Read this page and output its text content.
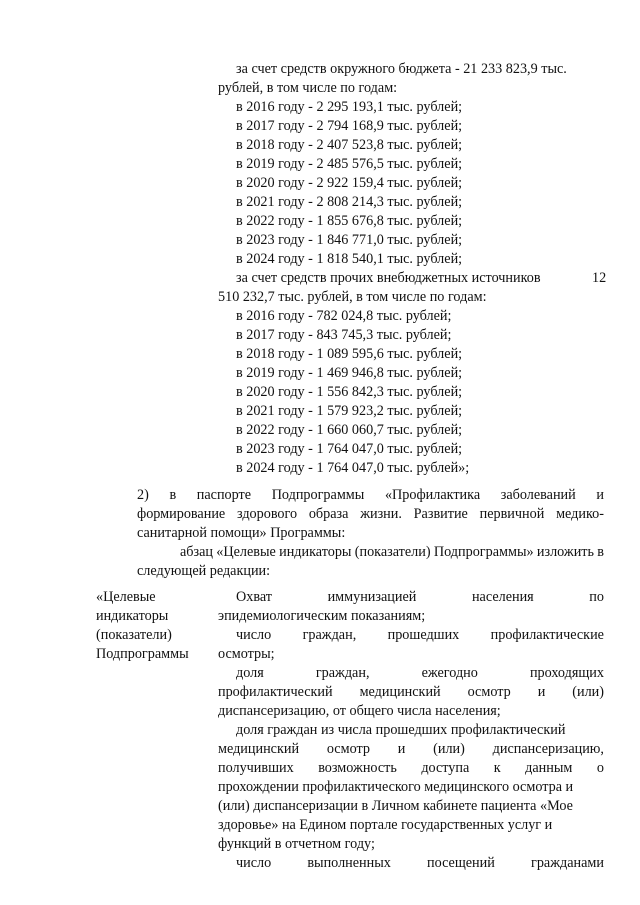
за счет средств окружного бюджета - 21 233 823,9 тыс.
рублей, в том числе по годам:
в 2016 году - 2 295 193,1 тыс. рублей;
в 2017 году - 2 794 168,9 тыс. рублей;
в 2018 году - 2 407 523,8 тыс. рублей;
в 2019 году - 2 485 576,5 тыс. рублей;
в 2020 году - 2 922 159,4 тыс. рублей;
в 2021 году - 2 808 214,3 тыс. рублей;
в 2022 году - 1 855 676,8 тыс. рублей;
в 2023 году - 1 846 771,0 тыс. рублей;
в 2024 году - 1 818 540,1 тыс. рублей;
за счет средств прочих внебюджетных источников	12
510 232,7 тыс. рублей, в том числе по годам:
в 2016 году - 782 024,8 тыс. рублей;
в 2017 году - 843 745,3 тыс. рублей;
в 2018 году - 1 089 595,6 тыс. рублей;
в 2019 году - 1 469 946,8 тыс. рублей;
в 2020 году - 1 556 842,3 тыс. рублей;
в 2021 году - 1 579 923,2 тыс. рублей;
в 2022 году - 1 660 060,7 тыс. рублей;
в 2023 году - 1 764 047,0 тыс. рублей;
в 2024 году - 1 764 047,0 тыс. рублей»;
2) в паспорте Подпрограммы «Профилактика заболеваний и
формирование здорового образа жизни. Развитие первичной медико-
санитарной помощи» Программы:
абзац «Целевые индикаторы (показатели) Подпрограммы» изложить в
следующей редакции:
«Целевые
индикаторы
(показатели)
Подпрограммы
Охват	иммунизацией	населения	по
эпидемиологическим показаниям;
число граждан, прошедших профилактические
осмотры;
доля	граждан,	ежегодно	проходящих
профилактический медицинский осмотр и (или)
диспансеризацию, от общего числа населения;
доля граждан из числа прошедших профилактический
медицинский осмотр и (или) диспансеризацию,
получивших возможность доступа к данным о
прохождении профилактического медицинского осмотра и
(или) диспансеризации в Личном кабинете пациента «Мое
здоровье» на Едином портале государственных услуг и
функций в отчетном году;
число	выполненных	посещений	гражданами
